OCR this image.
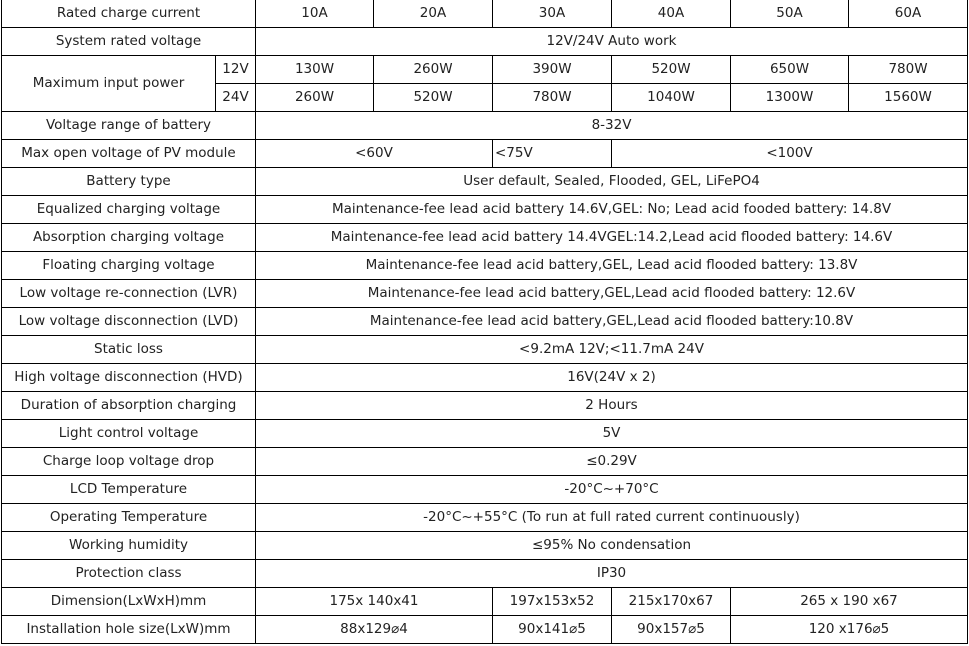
Rated charge current		10A	20A	30A	40A	50A	60A
System rated voltage		12V/24V Auto work					
Maximum input power	12V	130W	260W	390W	520W	650W	780W
	24V	260W	520W	780W	1040W	1300W	1560W
Voltage range of battery		8-32V					
Max open voltage of PV module		<60V		<75V	<100V		
Battery type		User default, Sealed, Flooded, GEL, LiFePO4					
Equalized charging voltage		Maintenance-fee lead acid battery 14.6V,GEL: No; Lead acid fooded battery: 14.8V					
Absorption charging voltage		Maintenance-fee lead acid battery 14.4VGEL:14.2,Lead acid flooded battery: 14.6V					
Floating charging voltage		Maintenance-fee lead acid battery,GEL, Lead acid flooded battery: 13.8V					
Low voltage re-connection (LVR)		Maintenance-fee lead acid battery,GEL,Lead acid flooded battery: 12.6V					
Low voltage disconnection (LVD)		Maintenance-fee lead acid battery,GEL,Lead acid flooded battery:10.8V					
Static loss		<9.2mA 12V;<11.7mA 24V					
High voltage disconnection (HVD)		16V(24V x 2)					
Duration of absorption charging		2 Hours					
Light control voltage		5V					
Charge loop voltage drop		≤0.29V					
LCD Temperature		-20°C~+70°C					
Operating Temperature		-20°C~+55°C (To run at full rated current continuously)					
Working humidity		≤95% No condensation					
Protection class		IP30					
Dimension(LxWxH)mm		175x 140x41		197x153x52	215x170x67	265 x 190 x67	
Installation hole size(LxW)mm		88x129⌀4		90x141⌀5	90x157⌀5	120 x176⌀5	
